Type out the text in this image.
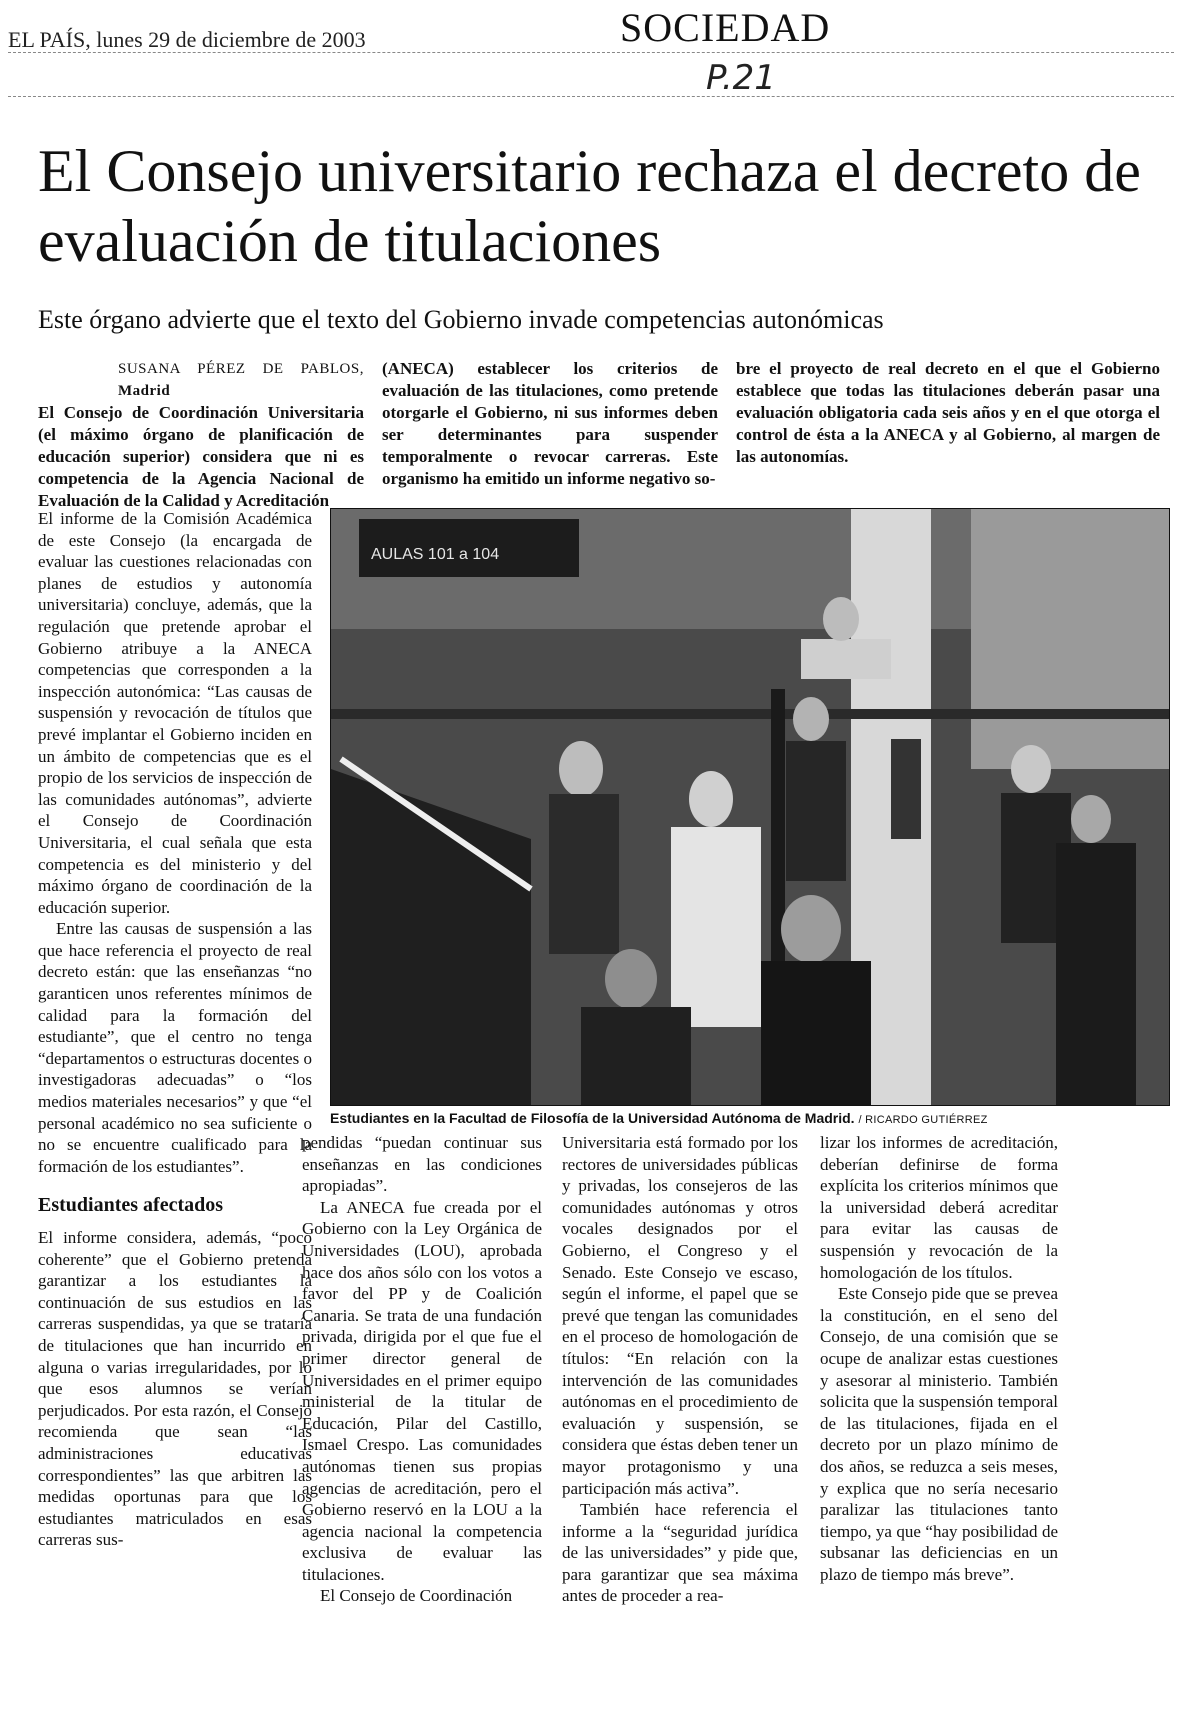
EL PAÍS, lunes 29 de diciembre de 2003	SOCIEDAD
P.21
El Consejo universitario rechaza el decreto de evaluación de titulaciones
Este órgano advierte que el texto del Gobierno invade competencias autonómicas
SUSANA PÉREZ DE PABLOS, Madrid
El Consejo de Coordinación Universitaria (el máximo órgano de planificación de educación superior) considera que ni es competencia de la Agencia Nacional de Evaluación de la Calidad y Acreditación
(ANECA) establecer los criterios de evaluación de las titulaciones, como pretende otorgarle el Gobierno, ni sus informes deben ser determinantes para suspender temporalmente o revocar carreras. Este organismo ha emitido un informe negativo so-
bre el proyecto de real decreto en el que el Gobierno establece que todas las titulaciones deberán pasar una evaluación obligatoria cada seis años y en el que otorga el control de ésta a la ANECA y al Gobierno, al margen de las autonomías.

El informe de la Comisión Académica de este Consejo (la encargada de evaluar las cuestiones relacionadas con planes de estudios y autonomía universitaria) concluye, además, que la regulación que pretende aprobar el Gobierno atribuye a la ANECA competencias que corresponden a la inspección autonómica: “Las causas de suspensión y revocación de títulos que prevé implantar el Gobierno inciden en un ámbito de competencias que es el propio de los servicios de inspección de las comunidades autónomas”, advierte el Consejo de Coordinación Universitaria, el cual señala que esta competencia es del ministerio y del máximo órgano de coordinación de la educación superior.

Entre las causas de suspensión a las que hace referencia el proyecto de real decreto están: que las enseñanzas “no garanticen unos referentes mínimos de calidad para la formación del estudiante”, que el centro no tenga “departamentos o estructuras docentes o investigadoras adecuadas” o “los medios materiales necesarios” y que “el personal académico no sea suficiente o no se encuentre cualificado para la formación de los estudiantes”.

Estudiantes afectados

El informe considera, además, “poco coherente” que el Gobierno pretenda garantizar a los estudiantes la continuación de sus estudios en las carreras suspendidas, ya que se trataría de titulaciones que han incurrido en alguna o varias irregularidades, por lo que esos alumnos se verían perjudicados. Por esta razón, el Consejo recomienda que sean “las administraciones educativas correspondientes” las que arbitren las medidas oportunas para que los estudiantes matriculados en esas carreras sus-

AULAS 101 a 104
Estudiantes en la Facultad de Filosofía de la Universidad Autónoma de Madrid. / RICARDO GUTIÉRREZ

pendidas “puedan continuar sus enseñanzas en las condiciones apropiadas”.

La ANECA fue creada por el Gobierno con la Ley Orgánica de Universidades (LOU), aprobada hace dos años sólo con los votos a favor del PP y de Coalición Canaria. Se trata de una fundación privada, dirigida por el que fue el primer director general de Universidades en el primer equipo ministerial de la titular de Educación, Pilar del Castillo, Ismael Crespo. Las comunidades autónomas tienen sus propias agencias de acreditación, pero el Gobierno reservó en la LOU a la agencia nacional la competencia exclusiva de evaluar las titulaciones.

El Consejo de Coordinación

Universitaria está formado por los rectores de universidades públicas y privadas, los consejeros de las comunidades autónomas y otros vocales designados por el Gobierno, el Congreso y el Senado. Este Consejo ve escaso, según el informe, el papel que se prevé que tengan las comunidades en el proceso de homologación de títulos: “En relación con la intervención de las comunidades autónomas en el procedimiento de evaluación y suspensión, se considera que éstas deben tener un mayor protagonismo y una participación más activa”.

También hace referencia el informe a la “seguridad jurídica de las universidades” y pide que, para garantizar que sea máxima antes de proceder a rea-

lizar los informes de acreditación, deberían definirse de forma explícita los criterios mínimos que la universidad deberá acreditar para evitar las causas de suspensión y revocación de la homologación de los títulos.

Este Consejo pide que se prevea la constitución, en el seno del Consejo, de una comisión que se ocupe de analizar estas cuestiones y asesorar al ministerio. También solicita que la suspensión temporal de las titulaciones, fijada en el decreto por un plazo mínimo de dos años, se reduzca a seis meses, y explica que no sería necesario paralizar las titulaciones tanto tiempo, ya que “hay posibilidad de subsanar las deficiencias en un plazo de tiempo más breve”.
